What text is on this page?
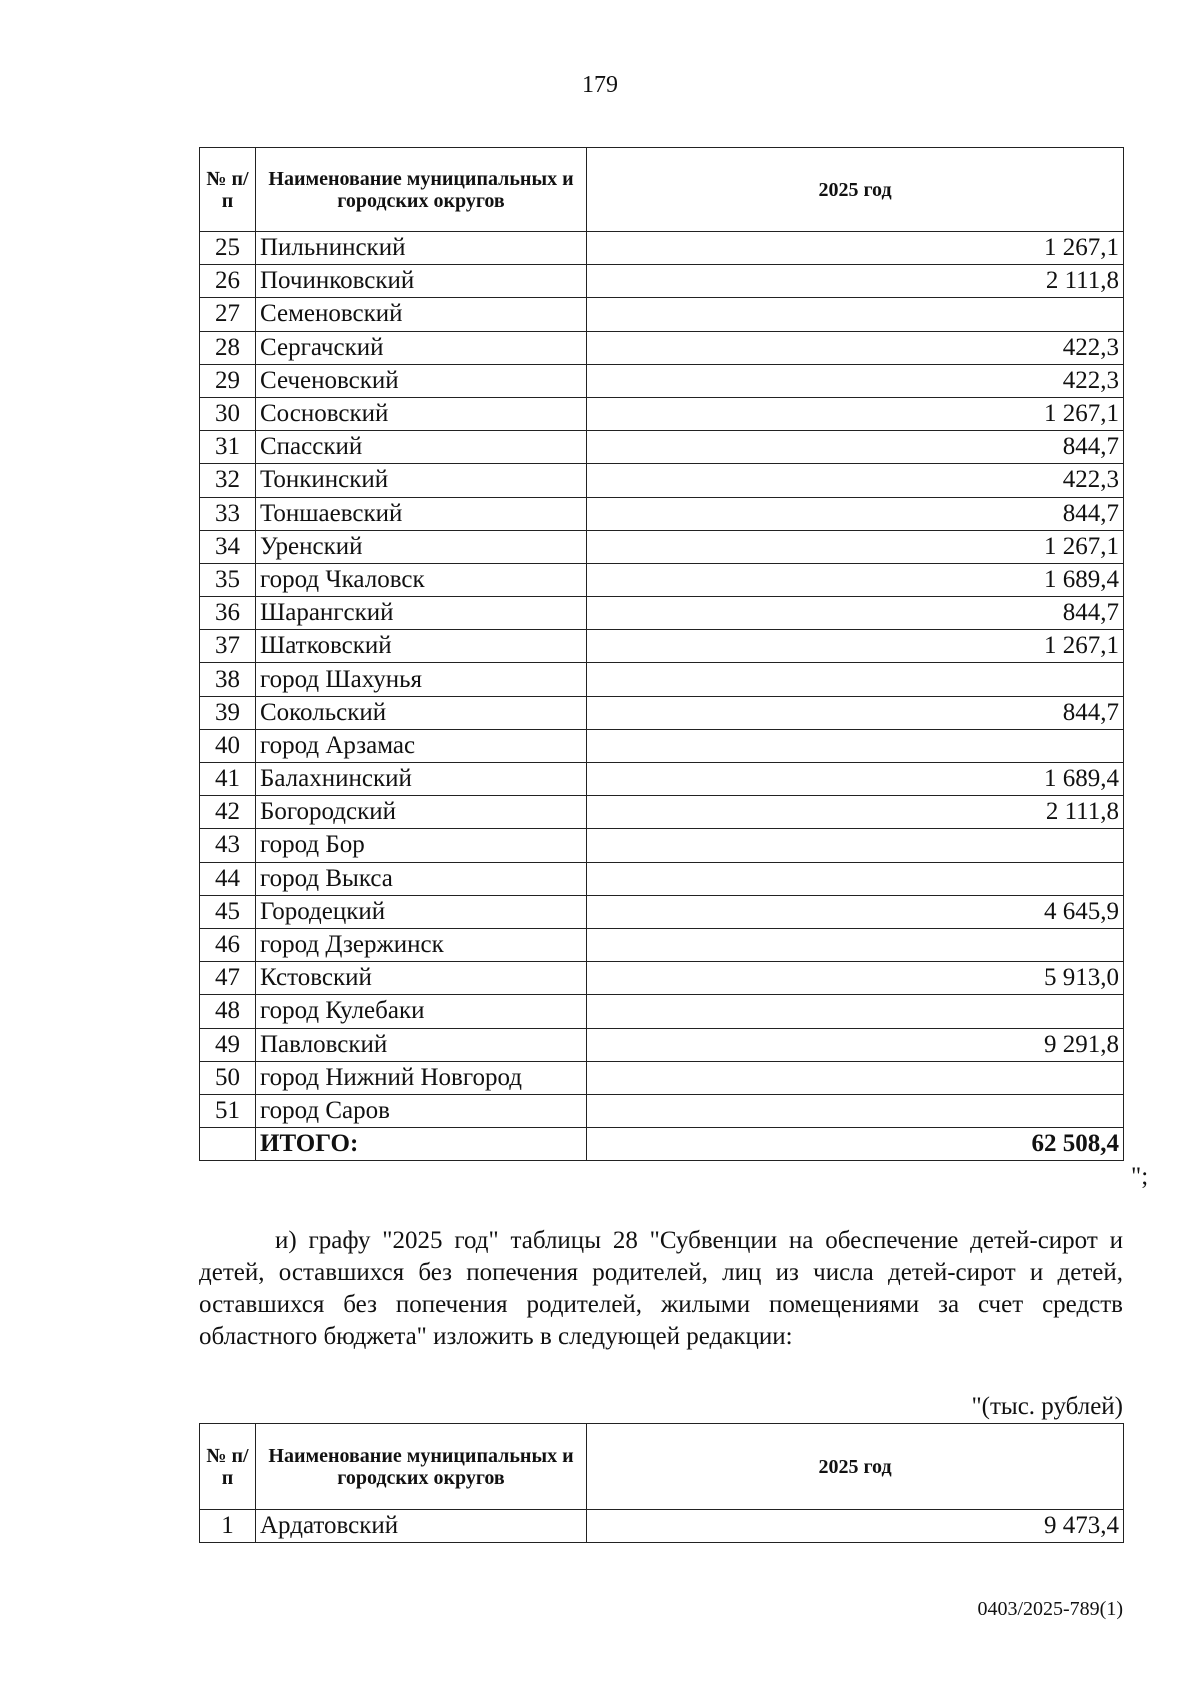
179
№ п/п	Наименование муниципальных и городских округов	2025 год
25	Пильнинский	1 267,1
26	Починковский	2 111,8
27	Семеновский	
28	Сергачский	422,3
29	Сеченовский	422,3
30	Сосновский	1 267,1
31	Спасский	844,7
32	Тонкинский	422,3
33	Тоншаевский	844,7
34	Уренский	1 267,1
35	город Чкаловск	1 689,4
36	Шарангский	844,7
37	Шатковский	1 267,1
38	город Шахунья	
39	Сокольский	844,7
40	город Арзамас	
41	Балахнинский	1 689,4
42	Богородский	2 111,8
43	город Бор	
44	город Выкса	
45	Городецкий	4 645,9
46	город Дзержинск	
47	Кстовский	5 913,0
48	город Кулебаки	
49	Павловский	9 291,8
50	город Нижний Новгород	
51	город Саров	
	ИТОГО:	62 508,4
";
и) графу "2025 год" таблицы 28 "Субвенции на обеспечение детей-сирот и детей, оставшихся без попечения родителей, лиц из числа детей-сирот и детей, оставшихся без попечения родителей, жилыми помещениями за счет средств областного бюджета" изложить в следующей редакции:
"(тыс. рублей)
№ п/п	Наименование муниципальных и городских округов	2025 год
1	Ардатовский	9 473,4
0403/2025-789(1)
